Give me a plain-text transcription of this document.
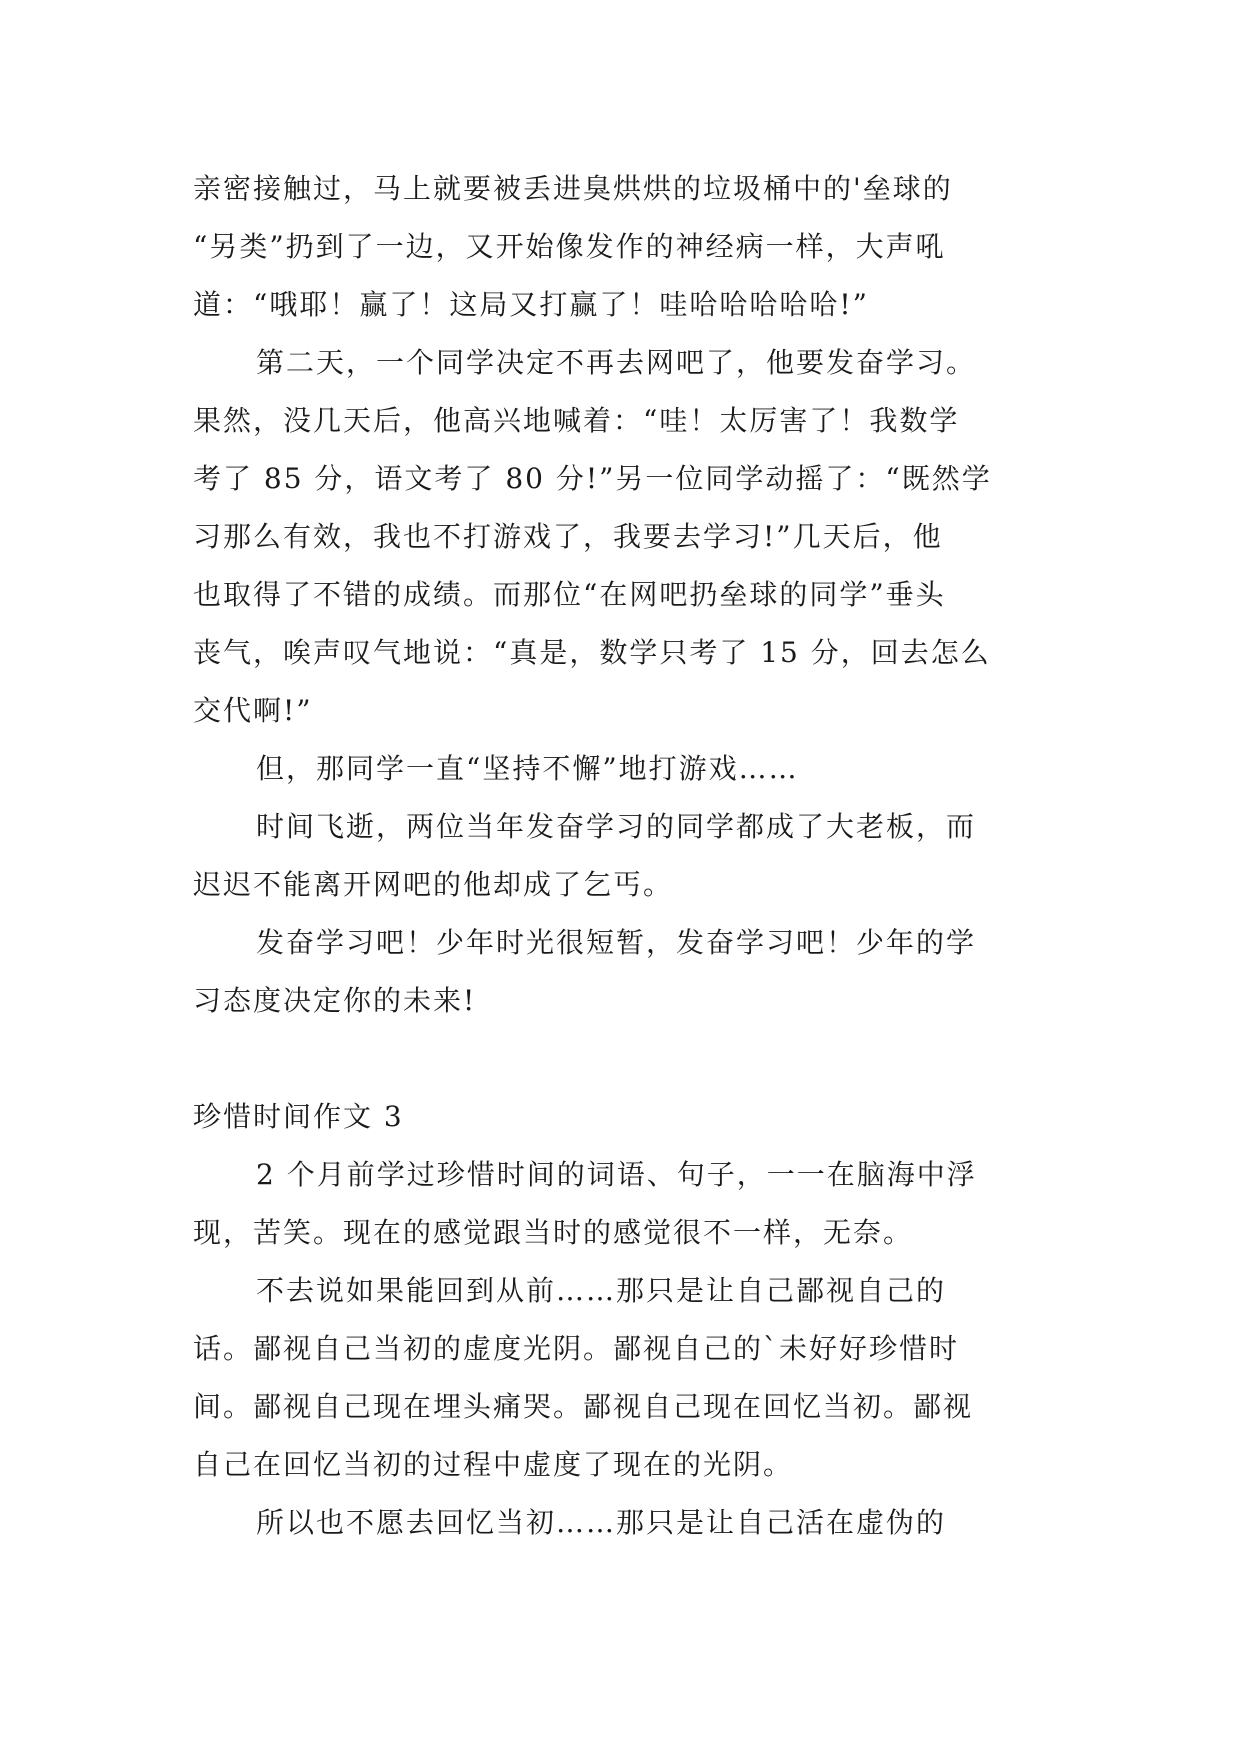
亲密接触过，马上就要被丢进臭烘烘的垃圾桶中的'垒球的
“另类”扔到了一边，又开始像发作的神经病一样，大声吼
道：“哦耶！赢了！这局又打赢了！哇哈哈哈哈哈!”
第二天，一个同学决定不再去网吧了，他要发奋学习。
果然，没几天后，他高兴地喊着：“哇！太厉害了！我数学
考了 85 分，语文考了 80 分!”另一位同学动摇了：“既然学
习那么有效，我也不打游戏了，我要去学习!”几天后，他
也取得了不错的成绩。而那位“在网吧扔垒球的同学”垂头
丧气，唉声叹气地说：“真是，数学只考了 15 分，回去怎么
交代啊!”
但，那同学一直“坚持不懈”地打游戏……
时间飞逝，两位当年发奋学习的同学都成了大老板，而
迟迟不能离开网吧的他却成了乞丐。
发奋学习吧！少年时光很短暂，发奋学习吧！少年的学
习态度决定你的未来!
珍惜时间作文 3
2 个月前学过珍惜时间的词语、句子，一一在脑海中浮
现，苦笑。现在的感觉跟当时的感觉很不一样，无奈。
不去说如果能回到从前……那只是让自己鄙视自己的
话。鄙视自己当初的虚度光阴。鄙视自己的`未好好珍惜时
间。鄙视自己现在埋头痛哭。鄙视自己现在回忆当初。鄙视
自己在回忆当初的过程中虚度了现在的光阴。
所以也不愿去回忆当初……那只是让自己活在虚伪的
